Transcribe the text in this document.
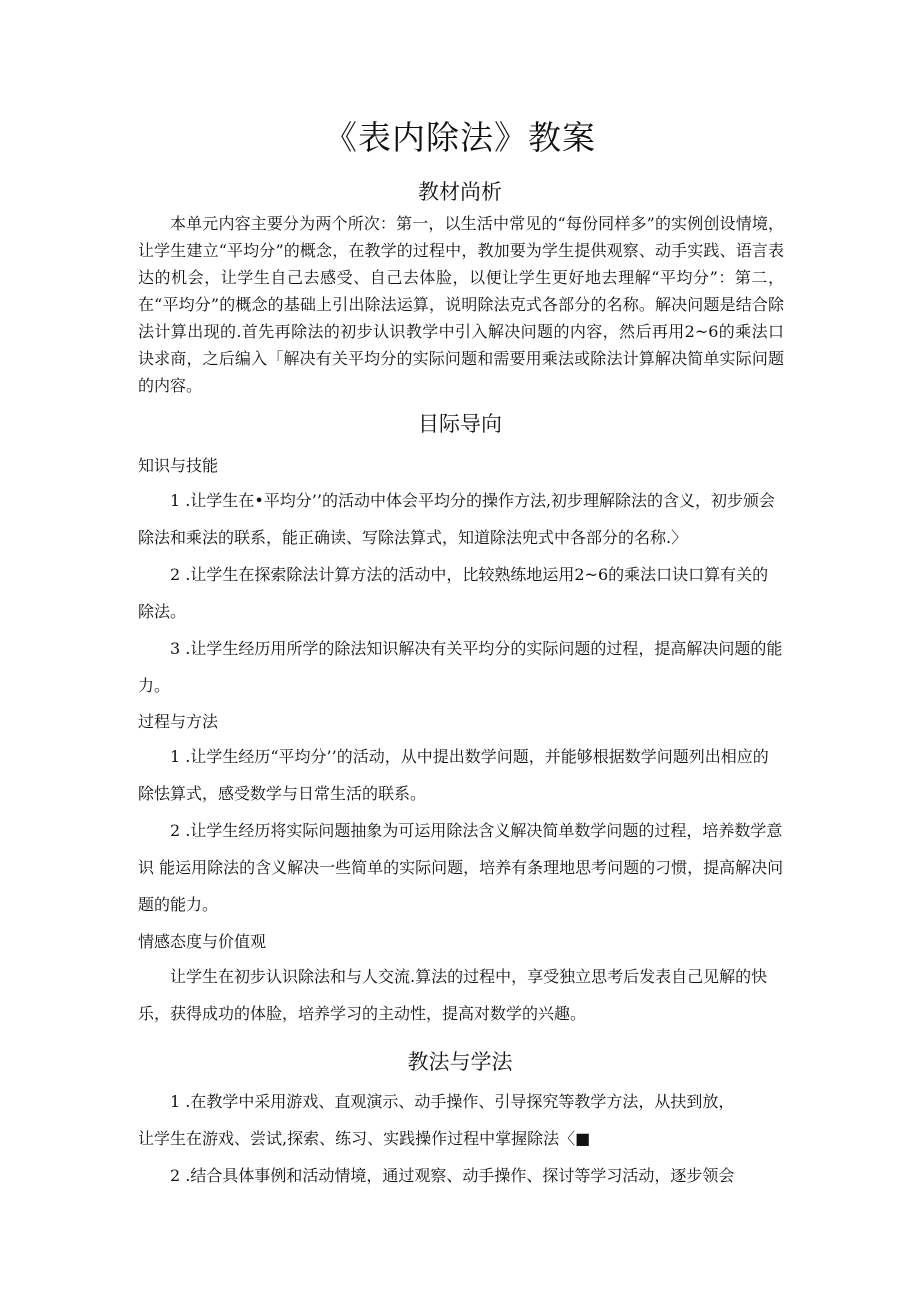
《表内除法》教案
教材尚析
本单元内容主要分为两个所次：第一，以生活中常见的“每份同样多”的实例创设情境，让学生建立“平均分”的概念，在教学的过程中，教加要为学生提供观察、动手实践、语言表达的机会，让学生自己去感受、自己去体脸，以便让学生更好地去理解“平均分”：第二，在“平均分”的概念的基础上引出除法运算，说明除法克式各部分的名称。解决问题是结合除法计算出现的.首先再除法的初步认识教学中引入解决问题的内容，然后再用2~6的乘法口诀求商，之后编入「解决有关平均分的实际问题和需要用乘法或除法计算解决简单实际问题的内容。
目际导向
知识与技能
1 .让学生在•平均分’’的活动中体会平均分的操作方法,初步理解除法的含义，初步颁会除法和乘法的联系，能正确读、写除法算式，知道除法兜式中各部分的名称.〉
2 .让学生在探索除法计算方法的活动中，比较熟练地运用2~6的乘法口诀口算有关的除法。
3 .让学生经历用所学的除法知识解决有关平均分的实际问题的过程，提高解决问题的能力。
过程与方法
1 .让学生经历“平均分’’的活动，从中提出数学问题，并能够根据数学问题列出相应的除怯算式，感受数学与日常生活的联系。
2 .让学生经历将实际问题抽象为可运用除法含义解决简单数学问题的过程，培养数学意识 能运用除法的含义解决一些简单的实际问题，培养有条理地思考问题的刁惯，提高解决问题的能力。
情感态度与价值观
让学生在初步认识除法和与人交流.算法的过程中，享受独立思考后发表自己见解的快乐，获得成功的体脸，培养学习的主动性，提高对数学的兴趣。
教法与学法
1 .在教学中采用游戏、直观演示、动手操作、引导探究等教学方法，从扶到放，让学生在游戏、尝试,探索、练习、实践操作过程中掌握除法〈■
2 .结合具体事例和活动情境，通过观察、动手操作、探讨等学习活动，逐步领会
